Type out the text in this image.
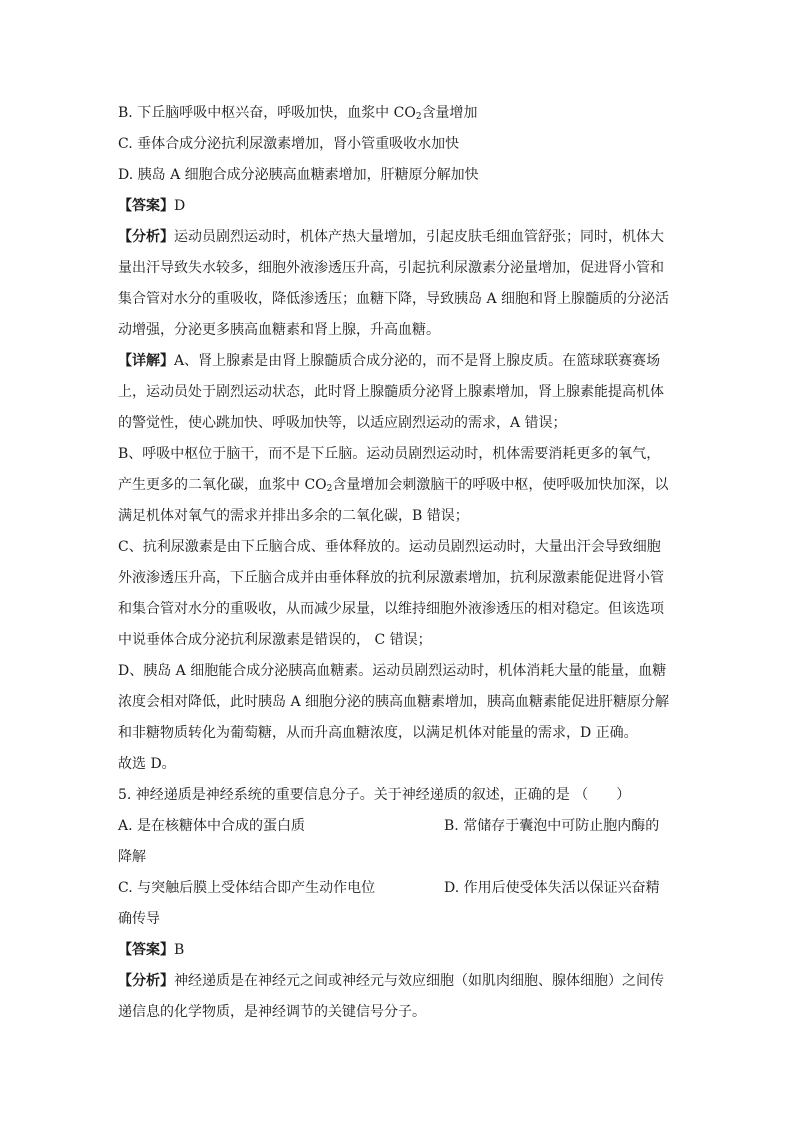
B. 下丘脑呼吸中枢兴奋，呼吸加快，血浆中 $CO_2$含量增加

C. 垂体合成分泌抗利尿激素增加，肾小管重吸收水加快

D. 胰岛 A 细胞合成分泌胰高血糖素增加，肝糖原分解加快

【答案】D

【分析】运动员剧烈运动时，机体产热大量增加，引起皮肤毛细血管舒张；同时，机体大

量出汗导致失水较多，细胞外液渗透压升高，引起抗利尿激素分泌量增加，促进肾小管和

集合管对水分的重吸收，降低渗透压；血糖下降，导致胰岛 A 细胞和肾上腺髓质的分泌活

动增强，分泌更多胰高血糖素和肾上腺，升高血糖。

【详解】A、肾上腺素是由肾上腺髓质合成分泌的，而不是肾上腺皮质。在篮球联赛赛场

上，运动员处于剧烈运动状态，此时肾上腺髓质分泌肾上腺素增加，肾上腺素能提高机体

的警觉性，使心跳加快、呼吸加快等，以适应剧烈运动的需求，A 错误；

B、呼吸中枢位于脑干，而不是下丘脑。运动员剧烈运动时，机体需要消耗更多的氧气，

产生更多的二氧化碳，血浆中 $CO_2$含量增加会刺激脑干的呼吸中枢，使呼吸加快加深，以

满足机体对氧气的需求并排出多余的二氧化碳，B 错误；

C、抗利尿激素是由下丘脑合成、垂体释放的。运动员剧烈运动时，大量出汗会导致细胞

外液渗透压升高，下丘脑合成并由垂体释放的抗利尿激素增加，抗利尿激素能促进肾小管

和集合管对水分的重吸收，从而减少尿量，以维持细胞外液渗透压的相对稳定。但该选项

中说垂体合成分泌抗利尿激素是错误的， C 错误；

D、胰岛 A 细胞能合成分泌胰高血糖素。运动员剧烈运动时，机体消耗大量的能量，血糖

浓度会相对降低，此时胰岛 A 细胞分泌的胰高血糖素增加，胰高血糖素能促进肝糖原分解

和非糖物质转化为葡萄糖，从而升高血糖浓度，以满足机体对能量的需求，D 正确。

故选 D。

5. 神经递质是神经系统的重要信息分子。关于神经递质的叙述，正确的是 （　　）

A. 是在核糖体中合成的蛋白质	B. 常储存于囊泡中可防止胞内酶的

降解

C. 与突触后膜上受体结合即产生动作电位	D. 作用后使受体失活以保证兴奋精

确传导

【答案】B

【分析】神经递质是在神经元之间或神经元与效应细胞（如肌肉细胞、腺体细胞）之间传

递信息的化学物质，是神经调节的关键信号分子。
